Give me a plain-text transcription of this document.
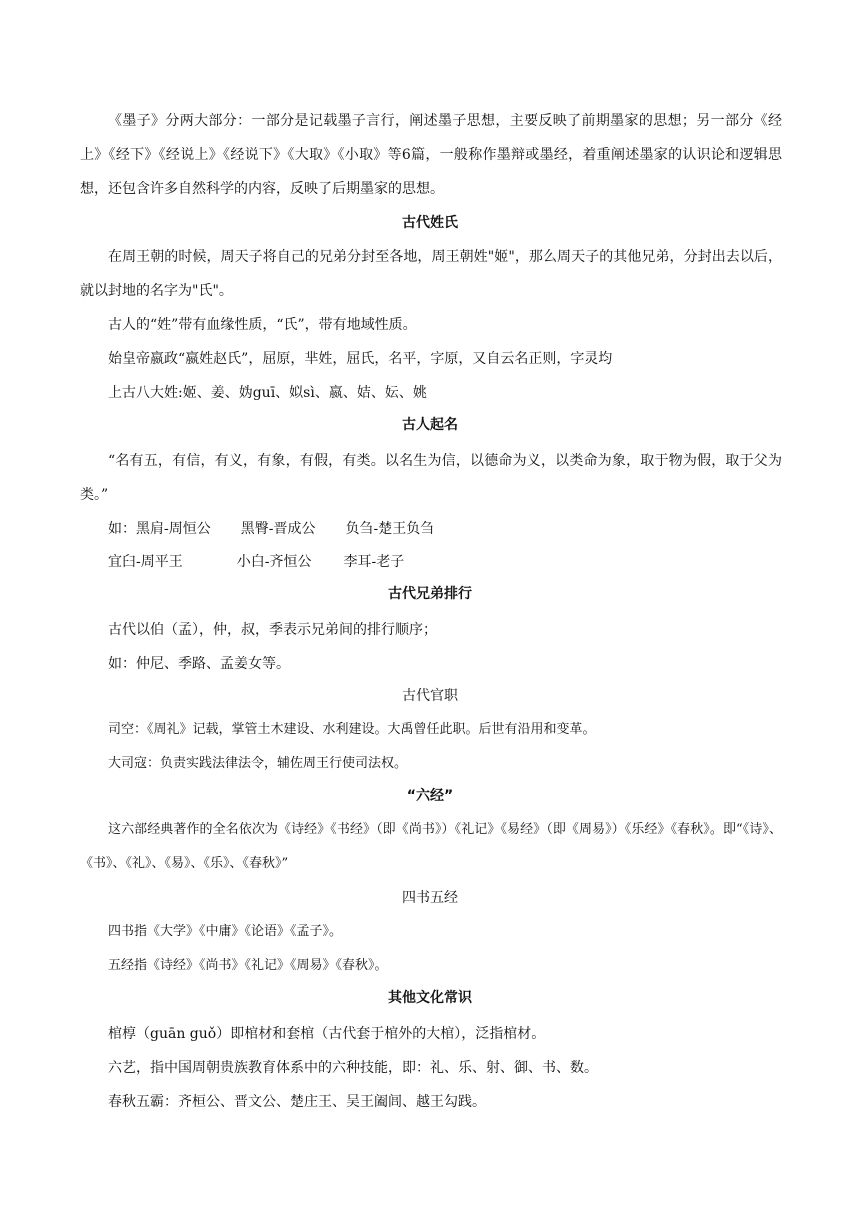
《墨子》分两大部分：一部分是记载墨子言行，阐述墨子思想，主要反映了前期墨家的思想；另一部分《经上》《经下》《经说上》《经说下》《大取》《小取》等6篇，一般称作墨辩或墨经，着重阐述墨家的认识论和逻辑思想，还包含许多自然科学的内容，反映了后期墨家的思想。

古代姓氏

在周王朝的时候，周天子将自己的兄弟分封至各地，周王朝姓"姬"，那么周天子的其他兄弟，分封出去以后，就以封地的名字为"氏"。

古人的“姓”带有血缘性质，“氏”，带有地域性质。

始皇帝嬴政“嬴姓赵氏”，屈原，芈姓，屈氏，名平，字原，又自云名正则，字灵均

上古八大姓:姬、姜、妫guī、姒sì、嬴、姞、妘、姚

古人起名

“名有五，有信，有义，有象，有假，有类。以名生为信，以德命为义，以类命为象，取于物为假，取于父为类。”

如：黑肩-周恒公 黑臀-晋成公 负刍-楚王负刍

宜臼-周平王	小白-齐恒公 李耳-老子

古代兄弟排行

古代以伯（孟），仲，叔，季表示兄弟间的排行顺序；

如：仲尼、季路、孟姜女等。

古代官职

司空：《周礼》记载，掌管土木建设、水利建设。大禹曾任此职。后世有沿用和变革。

大司寇：负责实践法律法令，辅佐周王行使司法权。

“六经”

这六部经典著作的全名依次为《诗经》《书经》（即《尚书》）《礼记》《易经》（即《周易》）《乐经》《春秋》。即“《诗》、《书》、《礼》、《易》、《乐》、《春秋》”

四书五经

四书指《大学》《中庸》《论语》《孟子》。

五经指《诗经》《尚书》《礼记》《周易》《春秋》。

其他文化常识

棺椁（guān guǒ）即棺材和套棺（古代套于棺外的大棺），泛指棺材。

六艺，指中国周朝贵族教育体系中的六种技能，即：礼、乐、射、御、书、数。

春秋五霸：齐桓公、晋文公、楚庄王、吴王阖闾、越王勾践。
